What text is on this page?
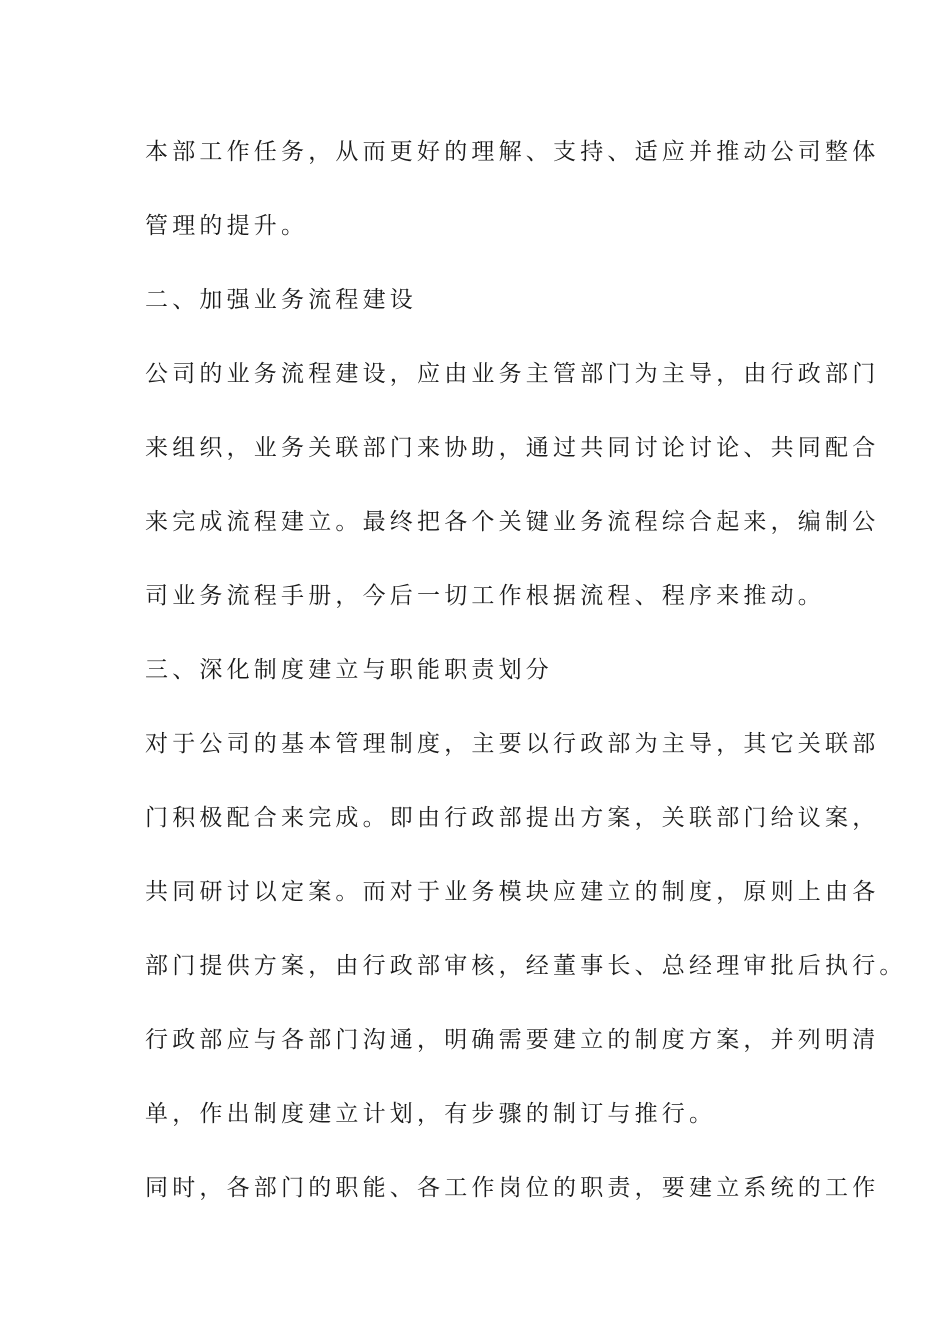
本部工作任务，从而更好的理解、支持、适应并推动公司整体
管理的提升。
二、加强业务流程建设
公司的业务流程建设，应由业务主管部门为主导，由行政部门
来组织，业务关联部门来协助，通过共同讨论讨论、共同配合
来完成流程建立。最终把各个关键业务流程综合起来，编制公
司业务流程手册，今后一切工作根据流程、程序来推动。
三、深化制度建立与职能职责划分
对于公司的基本管理制度，主要以行政部为主导，其它关联部
门积极配合来完成。即由行政部提出方案，关联部门给议案，
共同研讨以定案。而对于业务模块应建立的制度，原则上由各
部门提供方案，由行政部审核，经董事长、总经理审批后执行。
行政部应与各部门沟通，明确需要建立的制度方案，并列明清
单，作出制度建立计划，有步骤的制订与推行。
同时，各部门的职能、各工作岗位的职责，要建立系统的工作
